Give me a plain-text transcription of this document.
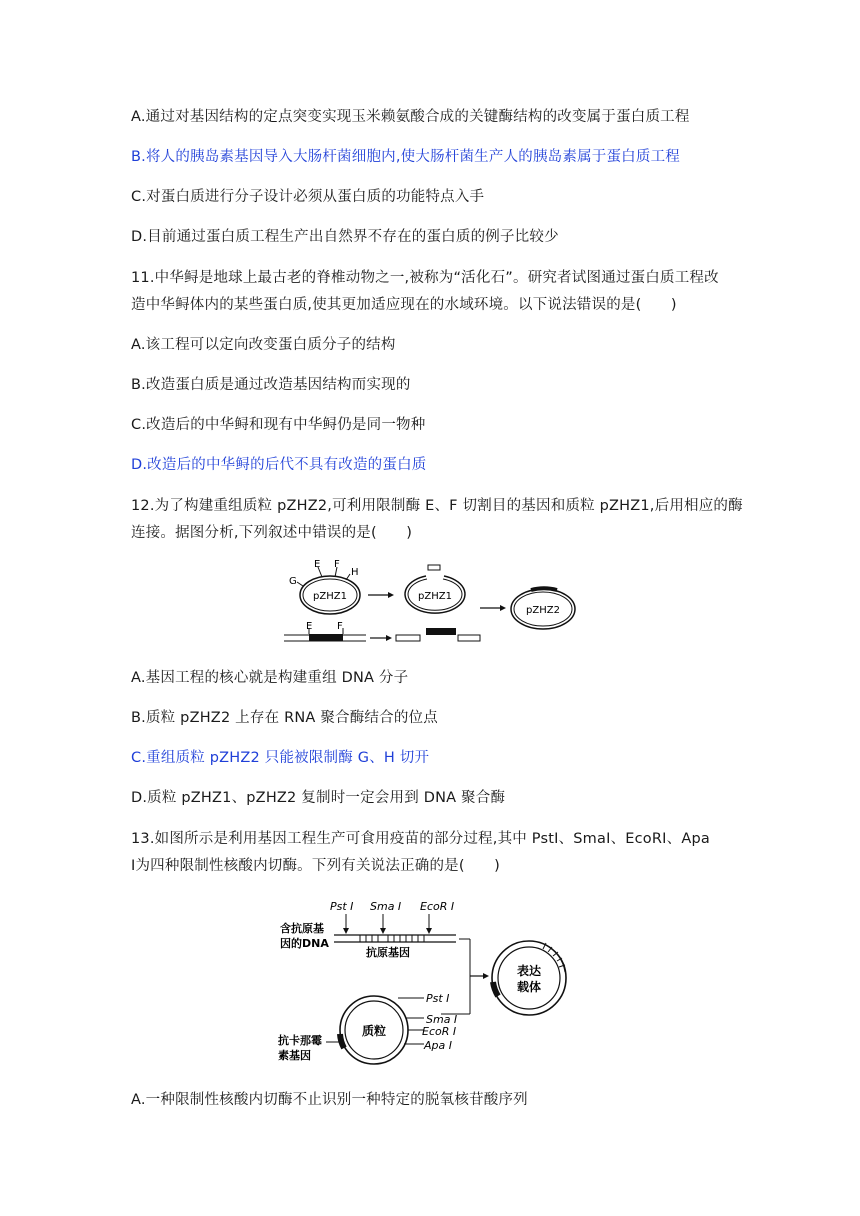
A.通过对基因结构的定点突变实现玉米赖氨酸合成的关键酶结构的改变属于蛋白质工程
B.将人的胰岛素基因导入大肠杆菌细胞内,使大肠杆菌生产人的胰岛素属于蛋白质工程
C.对蛋白质进行分子设计必须从蛋白质的功能特点入手
D.目前通过蛋白质工程生产出自然界不存在的蛋白质的例子比较少
11.中华鲟是地球上最古老的脊椎动物之一,被称为“活化石”。研究者试图通过蛋白质工程改
造中华鲟体内的某些蛋白质,使其更加适应现在的水域环境。以下说法错误的是(　　)
A.该工程可以定向改变蛋白质分子的结构
B.改造蛋白质是通过改造基因结构而实现的
C.改造后的中华鲟和现有中华鲟仍是同一物种
D.改造后的中华鲟的后代不具有改造的蛋白质
12.为了构建重组质粒 pZHZ2,可利用限制酶 E、F 切割目的基因和质粒 pZHZ1,后用相应的酶
连接。据图分析,下列叙述中错误的是(　　)
E F
G
H
pZHZ1	pZHZ1
pZHZ2
E F
A.基因工程的核心就是构建重组 DNA 分子
B.质粒 pZHZ2 上存在 RNA 聚合酶结合的位点
C.重组质粒 pZHZ2 只能被限制酶 G、H 切开
D.质粒 pZHZ1、pZHZ2 复制时一定会用到 DNA 聚合酶
13.如图所示是利用基因工程生产可食用疫苗的部分过程,其中 PstⅠ、SmaⅠ、EcoRⅠ、Apa
Ⅰ为四种限制性核酸内切酶。下列有关说法正确的是(　　)
Pst Ⅰ Sma Ⅰ EcoR Ⅰ
含抗原基
因的DNA
抗原基因
表达
载体
质粒
Pst Ⅰ
Sma Ⅰ
EcoR Ⅰ
Apa Ⅰ
抗卡那霉
素基因
A.一种限制性核酸内切酶不止识别一种特定的脱氧核苷酸序列
